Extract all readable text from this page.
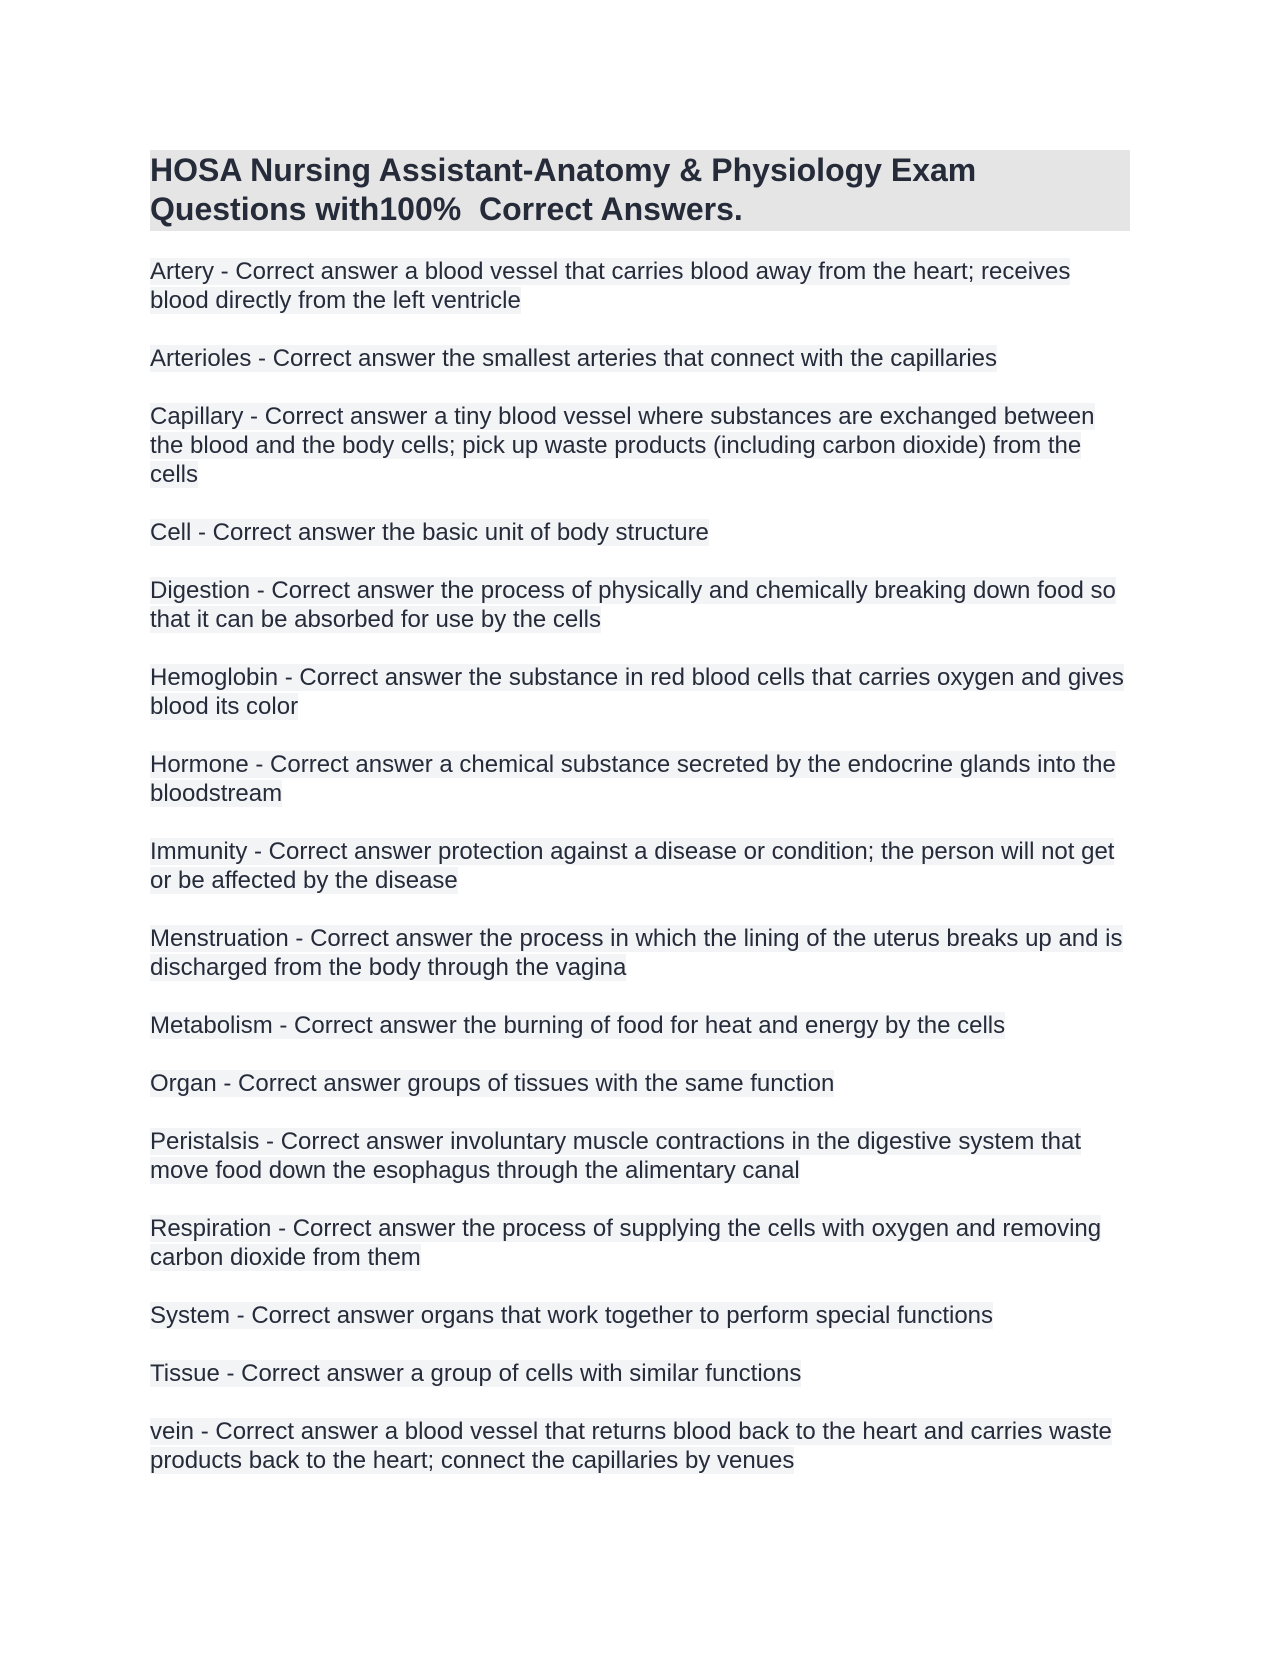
HOSA Nursing Assistant-Anatomy & Physiology Exam Questions with100%  Correct Answers.
Artery - Correct answer a blood vessel that carries blood away from the heart; receives blood directly from the left ventricle
Arterioles - Correct answer the smallest arteries that connect with the capillaries
Capillary - Correct answer a tiny blood vessel where substances are exchanged between the blood and the body cells; pick up waste products (including carbon dioxide) from the cells
Cell - Correct answer the basic unit of body structure
Digestion - Correct answer the process of physically and chemically breaking down food so that it can be absorbed for use by the cells
Hemoglobin - Correct answer the substance in red blood cells that carries oxygen and gives blood its color
Hormone - Correct answer a chemical substance secreted by the endocrine glands into the bloodstream
Immunity - Correct answer protection against a disease or condition; the person will not get or be affected by the disease
Menstruation - Correct answer the process in which the lining of the uterus breaks up and is discharged from the body through the vagina
Metabolism - Correct answer the burning of food for heat and energy by the cells
Organ - Correct answer groups of tissues with the same function
Peristalsis - Correct answer involuntary muscle contractions in the digestive system that move food down the esophagus through the alimentary canal
Respiration - Correct answer the process of supplying the cells with oxygen and removing carbon dioxide from them
System - Correct answer organs that work together to perform special functions
Tissue - Correct answer a group of cells with similar functions
vein - Correct answer a blood vessel that returns blood back to the heart and carries waste products back to the heart; connect the capillaries by venues
